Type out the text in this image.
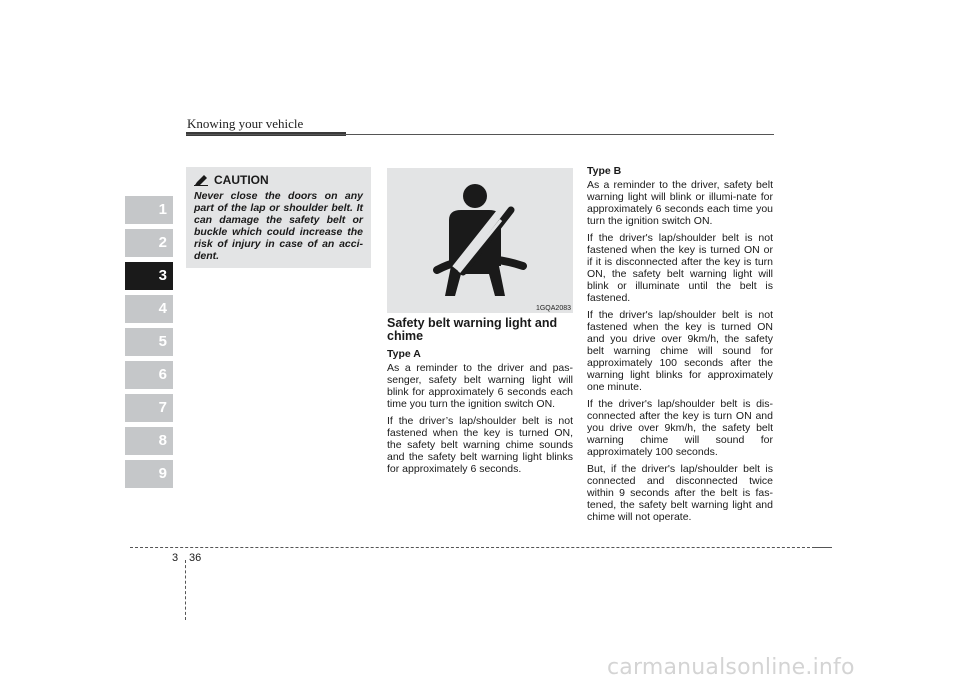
Knowing your vehicle
1
2
3
4
5
6
7
8
9
CAUTION
Never close the doors on any part of the lap or shoulder belt. It can damage the safety belt or buckle which could increase the risk of injury in case of an acci-dent.
1GQA2083
Safety belt warning light and chime
Type A

As a reminder to the driver and pas-senger, safety belt warning light will blink for approximately 6 seconds each time you turn the ignition switch ON.

If the driver’s lap/shoulder belt is not fastened when the key is turned ON, the safety belt warning chime sounds and the safety belt warning light blinks for approximately 6 seconds.

Type B

As a reminder to the driver, safety belt warning light will blink or illumi-nate for approximately 6 seconds each time you turn the ignition switch ON.

If the driver's lap/shoulder belt is not fastened when the key is turned ON or if it is disconnected after the key is turn ON, the safety belt warning light will blink or illuminate until the belt is fastened.

If the driver's lap/shoulder belt is not fastened when the key is turned ON and you drive over 9km/h, the safety belt warning chime will sound for approximately 100 seconds after the warning light blinks for approximately one minute.

If the driver's lap/shoulder belt is dis-connected after the key is turn ON and you drive over 9km/h, the safety belt warning chime will sound for approximately 100 seconds.

But, if the driver's lap/shoulder belt is connected and disconnected twice within 9 seconds after the belt is fas-tened, the safety belt warning light and chime will not operate.

3 36
carmanualsonline.info
